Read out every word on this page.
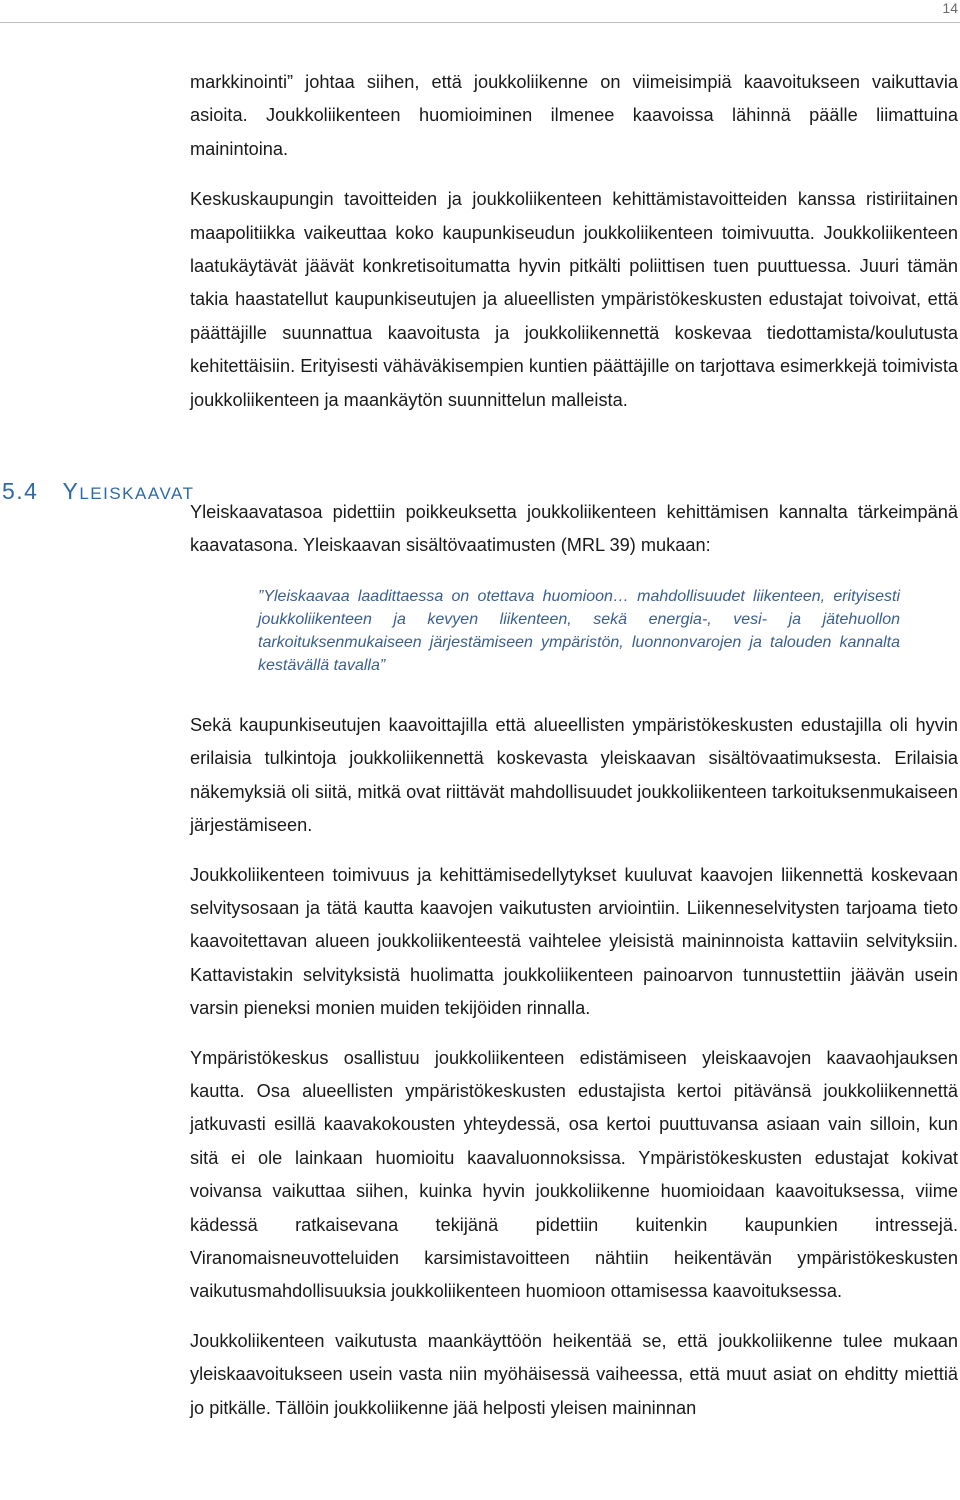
14
5.4 YLEISKAAVAT

markkinointi” johtaa siihen, että joukkoliikenne on viimeisimpiä kaavoitukseen vaikuttavia asioita. Joukkoliikenteen huomioiminen ilmenee kaavoissa lähinnä päälle liimattuina mainintoina.

Keskuskaupungin tavoitteiden ja joukkoliikenteen kehittämistavoitteiden kanssa ristiriitainen maapolitiikka vaikeuttaa koko kaupunkiseudun joukkoliikenteen toimivuutta. Joukkoliikenteen laatukäytävät jäävät konkretisoitumatta hyvin pitkälti poliittisen tuen puuttuessa. Juuri tämän takia haastatellut kaupunkiseutujen ja alueellisten ympäristökeskusten edustajat toivoivat, että päättäjille suunnattua kaavoitusta ja joukkoliikennettä koskevaa tiedottamista/koulutusta kehitettäisiin. Erityisesti vähäväkisempien kuntien päättäjille on tarjottava esimerkkejä toimivista joukkoliikenteen ja maankäytön suunnittelun malleista.

Yleiskaavatasoa pidettiin poikkeuksetta joukkoliikenteen kehittämisen kannalta tärkeimpänä kaavatasona. Yleiskaavan sisältövaatimusten (MRL 39) mukaan:

”Yleiskaavaa laadittaessa on otettava huomioon… mahdollisuudet liikenteen, erityisesti joukkoliikenteen ja kevyen liikenteen, sekä energia-, vesi- ja jätehuollon tarkoituksenmukaiseen järjestämiseen ympäristön, luonnonvarojen ja talouden kannalta kestävällä tavalla”

Sekä kaupunkiseutujen kaavoittajilla että alueellisten ympäristökeskusten edustajilla oli hyvin erilaisia tulkintoja joukkoliikennettä koskevasta yleiskaavan sisältövaatimuksesta. Erilaisia näkemyksiä oli siitä, mitkä ovat riittävät mahdollisuudet joukkoliikenteen tarkoituksenmukaiseen järjestämiseen.

Joukkoliikenteen toimivuus ja kehittämisedellytykset kuuluvat kaavojen liikennettä koskevaan selvitysosaan ja tätä kautta kaavojen vaikutusten arviointiin. Liikenneselvitysten tarjoama tieto kaavoitettavan alueen joukkoliikenteestä vaihtelee yleisistä maininnoista kattaviin selvityksiin. Kattavistakin selvityksistä huolimatta joukkoliikenteen painoarvon tunnustettiin jäävän usein varsin pieneksi monien muiden tekijöiden rinnalla.

Ympäristökeskus osallistuu joukkoliikenteen edistämiseen yleiskaavojen kaavaohjauksen kautta. Osa alueellisten ympäristökeskusten edustajista kertoi pitävänsä joukkoliikennettä jatkuvasti esillä kaavakokousten yhteydessä, osa kertoi puuttuvansa asiaan vain silloin, kun sitä ei ole lainkaan huomioitu kaavaluonnoksissa. Ympäristökeskusten edustajat kokivat voivansa vaikuttaa siihen, kuinka hyvin joukkoliikenne huomioidaan kaavoituksessa, viime kädessä ratkaisevana tekijänä pidettiin kuitenkin kaupunkien intressejä. Viranomaisneuvotteluiden karsimistavoitteen nähtiin heikentävän ympäristökeskusten vaikutusmahdollisuuksia joukkoliikenteen huomioon ottamisessa kaavoituksessa.

Joukkoliikenteen vaikutusta maankäyttöön heikentää se, että joukkoliikenne tulee mukaan yleiskaavoitukseen usein vasta niin myöhäisessä vaiheessa, että muut asiat on ehditty miettiä jo pitkälle. Tällöin joukkoliikenne jää helposti yleisen maininnan
